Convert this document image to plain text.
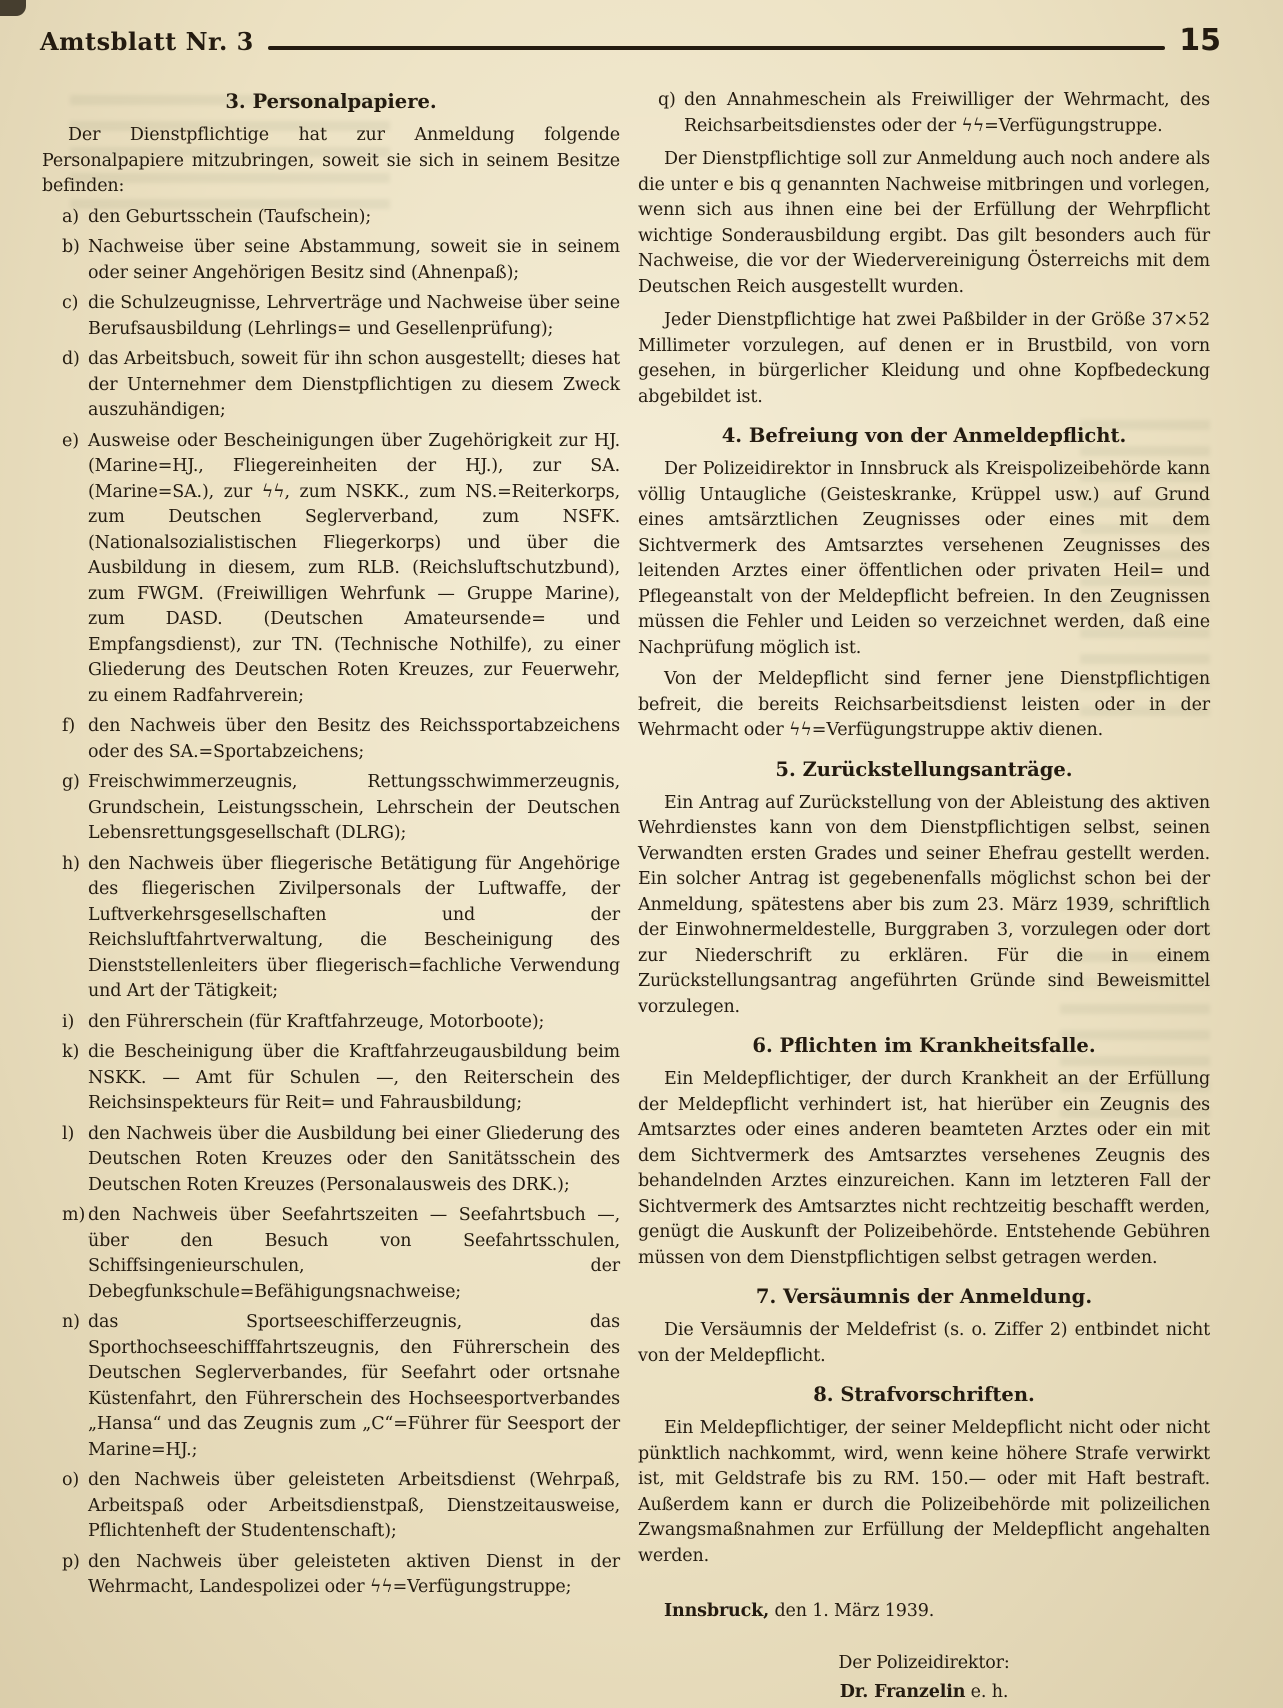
Amtsblatt Nr. 3	15
3. Personalpapiere.

Der Dienstpflichtige hat zur Anmeldung folgende Personalpapiere mitzubringen, soweit sie sich in seinem Besitze befinden:

a) den Geburtsschein (Taufschein);
b) Nachweise über seine Abstammung, soweit sie in seinem oder seiner Angehörigen Besitz sind (Ahnenpaß);
c) die Schulzeugnisse, Lehrverträge und Nachweise über seine Berufsausbildung (Lehrlings= und Gesellenprüfung);
d) das Arbeitsbuch, soweit für ihn schon ausgestellt; dieses hat der Unternehmer dem Dienstpflichtigen zu diesem Zweck auszuhändigen;
e) Ausweise oder Bescheinigungen über Zugehörigkeit zur HJ. (Marine=HJ., Fliegereinheiten der HJ.), zur SA. (Marine=SA.), zur ϟϟ, zum NSKK., zum NS.=Reiterkorps, zum Deutschen Seglerverband, zum NSFK. (Nationalsozialistischen Fliegerkorps) und über die Ausbildung in diesem, zum RLB. (Reichsluftschutzbund), zum FWGM. (Freiwilligen Wehrfunk — Gruppe Marine), zum DASD. (Deutschen Amateursende= und Empfangsdienst), zur TN. (Technische Nothilfe), zu einer Gliederung des Deutschen Roten Kreuzes, zur Feuerwehr, zu einem Radfahrverein;
f) den Nachweis über den Besitz des Reichssportabzeichens oder des SA.=Sportabzeichens;
g) Freischwimmerzeugnis, Rettungsschwimmerzeugnis, Grundschein, Leistungsschein, Lehrschein der Deutschen Lebensrettungsgesellschaft (DLRG);
h) den Nachweis über fliegerische Betätigung für Angehörige des fliegerischen Zivilpersonals der Luftwaffe, der Luftverkehrsgesellschaften und der Reichsluftfahrtverwaltung, die Bescheinigung des Dienststellenleiters über fliegerisch=fachliche Verwendung und Art der Tätigkeit;
i) den Führerschein (für Kraftfahrzeuge, Motorboote);
k) die Bescheinigung über die Kraftfahrzeugausbildung beim NSKK. — Amt für Schulen —, den Reiterschein des Reichsinspekteurs für Reit= und Fahrausbildung;
l) den Nachweis über die Ausbildung bei einer Gliederung des Deutschen Roten Kreuzes oder den Sanitätsschein des Deutschen Roten Kreuzes (Personalausweis des DRK.);
m) den Nachweis über Seefahrtszeiten — Seefahrtsbuch —, über den Besuch von Seefahrtsschulen, Schiffsingenieurschulen, der Debegfunkschule=Befähigungsnachweise;
n) das Sportseeschifferzeugnis, das Sporthochseeschifffahrtszeugnis, den Führerschein des Deutschen Seglerverbandes, für Seefahrt oder ortsnahe Küstenfahrt, den Führerschein des Hochseesportverbandes „Hansa“ und das Zeugnis zum „C“=Führer für Seesport der Marine=HJ.;
o) den Nachweis über geleisteten Arbeitsdienst (Wehrpaß, Arbeitspaß oder Arbeitsdienstpaß, Dienstzeitausweise, Pflichtenheft der Studentenschaft);
p) den Nachweis über geleisteten aktiven Dienst in der Wehrmacht, Landespolizei oder ϟϟ=Verfügungstruppe;
q) den Annahmeschein als Freiwilliger der Wehrmacht, des Reichsarbeitsdienstes oder der ϟϟ=Verfügungstruppe.

Der Dienstpflichtige soll zur Anmeldung auch noch andere als die unter e bis q genannten Nachweise mitbringen und vorlegen, wenn sich aus ihnen eine bei der Erfüllung der Wehrpflicht wichtige Sonderausbildung ergibt. Das gilt besonders auch für Nachweise, die vor der Wiedervereinigung Österreichs mit dem Deutschen Reich ausgestellt wurden.

Jeder Dienstpflichtige hat zwei Paßbilder in der Größe 37×52 Millimeter vorzulegen, auf denen er in Brustbild, von vorn gesehen, in bürgerlicher Kleidung und ohne Kopfbedeckung abgebildet ist.

4. Befreiung von der Anmeldepflicht.

Der Polizeidirektor in Innsbruck als Kreispolizeibehörde kann völlig Untaugliche (Geisteskranke, Krüppel usw.) auf Grund eines amtsärztlichen Zeugnisses oder eines mit dem Sichtvermerk des Amtsarztes versehenen Zeugnisses des leitenden Arztes einer öffentlichen oder privaten Heil= und Pflegeanstalt von der Meldepflicht befreien. In den Zeugnissen müssen die Fehler und Leiden so verzeichnet werden, daß eine Nachprüfung möglich ist.

Von der Meldepflicht sind ferner jene Dienstpflichtigen befreit, die bereits Reichsarbeitsdienst leisten oder in der Wehrmacht oder ϟϟ=Verfügungstruppe aktiv dienen.

5. Zurückstellungsanträge.

Ein Antrag auf Zurückstellung von der Ableistung des aktiven Wehrdienstes kann von dem Dienstpflichtigen selbst, seinen Verwandten ersten Grades und seiner Ehefrau gestellt werden. Ein solcher Antrag ist gegebenenfalls möglichst schon bei der Anmeldung, spätestens aber bis zum 23. März 1939, schriftlich der Einwohnermeldestelle, Burggraben 3, vorzulegen oder dort zur Niederschrift zu erklären. Für die in einem Zurückstellungsantrag angeführten Gründe sind Beweismittel vorzulegen.

6. Pflichten im Krankheitsfalle.

Ein Meldepflichtiger, der durch Krankheit an der Erfüllung der Meldepflicht verhindert ist, hat hierüber ein Zeugnis des Amtsarztes oder eines anderen beamteten Arztes oder ein mit dem Sichtvermerk des Amtsarztes versehenes Zeugnis des behandelnden Arztes einzureichen. Kann im letzteren Fall der Sichtvermerk des Amtsarztes nicht rechtzeitig beschafft werden, genügt die Auskunft der Polizeibehörde. Entstehende Gebühren müssen von dem Dienstpflichtigen selbst getragen werden.

7. Versäumnis der Anmeldung.

Die Versäumnis der Meldefrist (s. o. Ziffer 2) entbindet nicht von der Meldepflicht.

8. Strafvorschriften.

Ein Meldepflichtiger, der seiner Meldepflicht nicht oder nicht pünktlich nachkommt, wird, wenn keine höhere Strafe verwirkt ist, mit Geldstrafe bis zu RM. 150.— oder mit Haft bestraft. Außerdem kann er durch die Polizeibehörde mit polizeilichen Zwangsmaßnahmen zur Erfüllung der Meldepflicht angehalten werden.

Innsbruck, den 1. März 1939.

Der Polizeidirektor:
Dr. Franzelin e. h.
